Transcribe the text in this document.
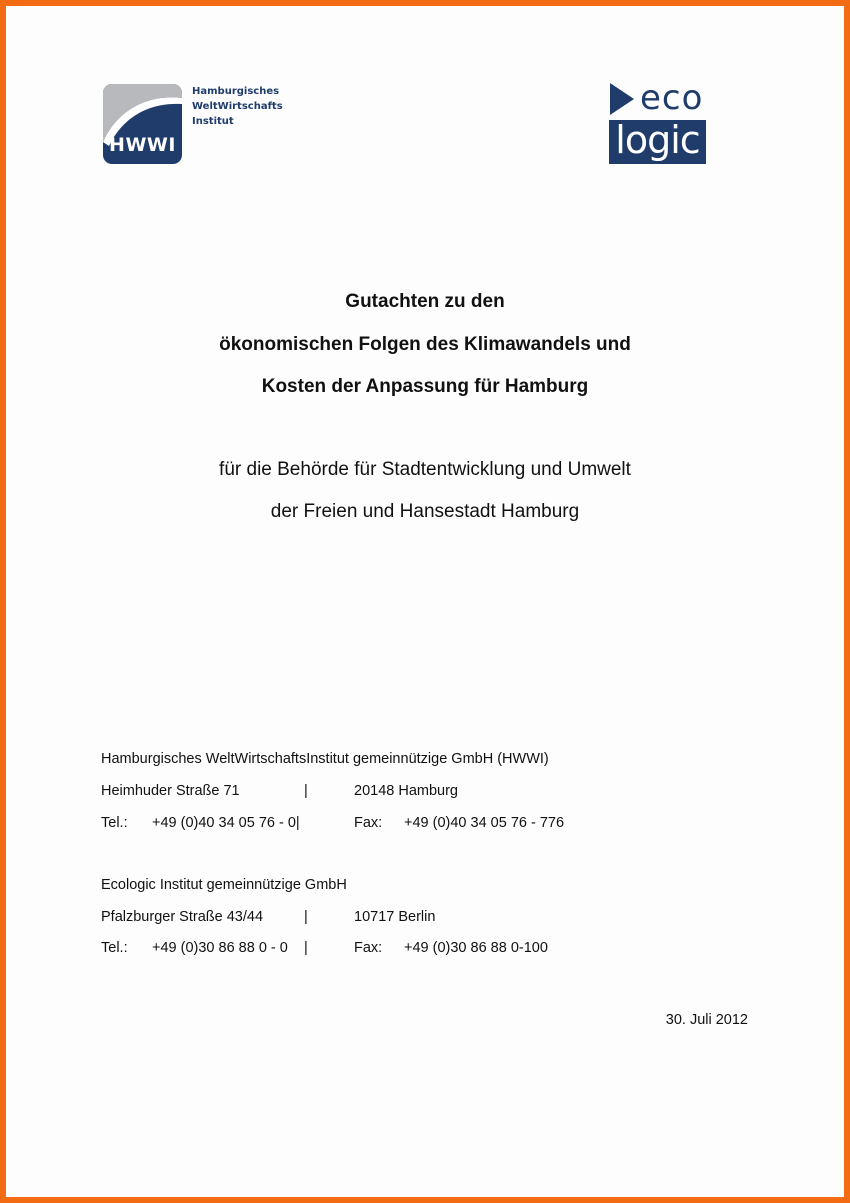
HWWI
Hamburgisches
WeltWirtschafts
Institut
eco
logic
Gutachten zu den
ökonomischen Folgen des Klimawandels und
Kosten der Anpassung für Hamburg
für die Behörde für Stadtentwicklung und Umwelt
der Freien und Hansestadt Hamburg
Hamburgisches WeltWirtschaftsInstitut gemeinnützige GmbH (HWWI)
Heimhuder Straße 71	|	20148 Hamburg
Tel.: +49 (0)40 34 05 76 - 0|	Fax: +49 (0)40 34 05 76 - 776
Ecologic Institut gemeinnützige GmbH
Pfalzburger Straße 43/44	|	10717 Berlin
Tel.: +49 (0)30 86 88 0 - 0 |	Fax: +49 (0)30 86 88 0-100
30. Juli 2012
